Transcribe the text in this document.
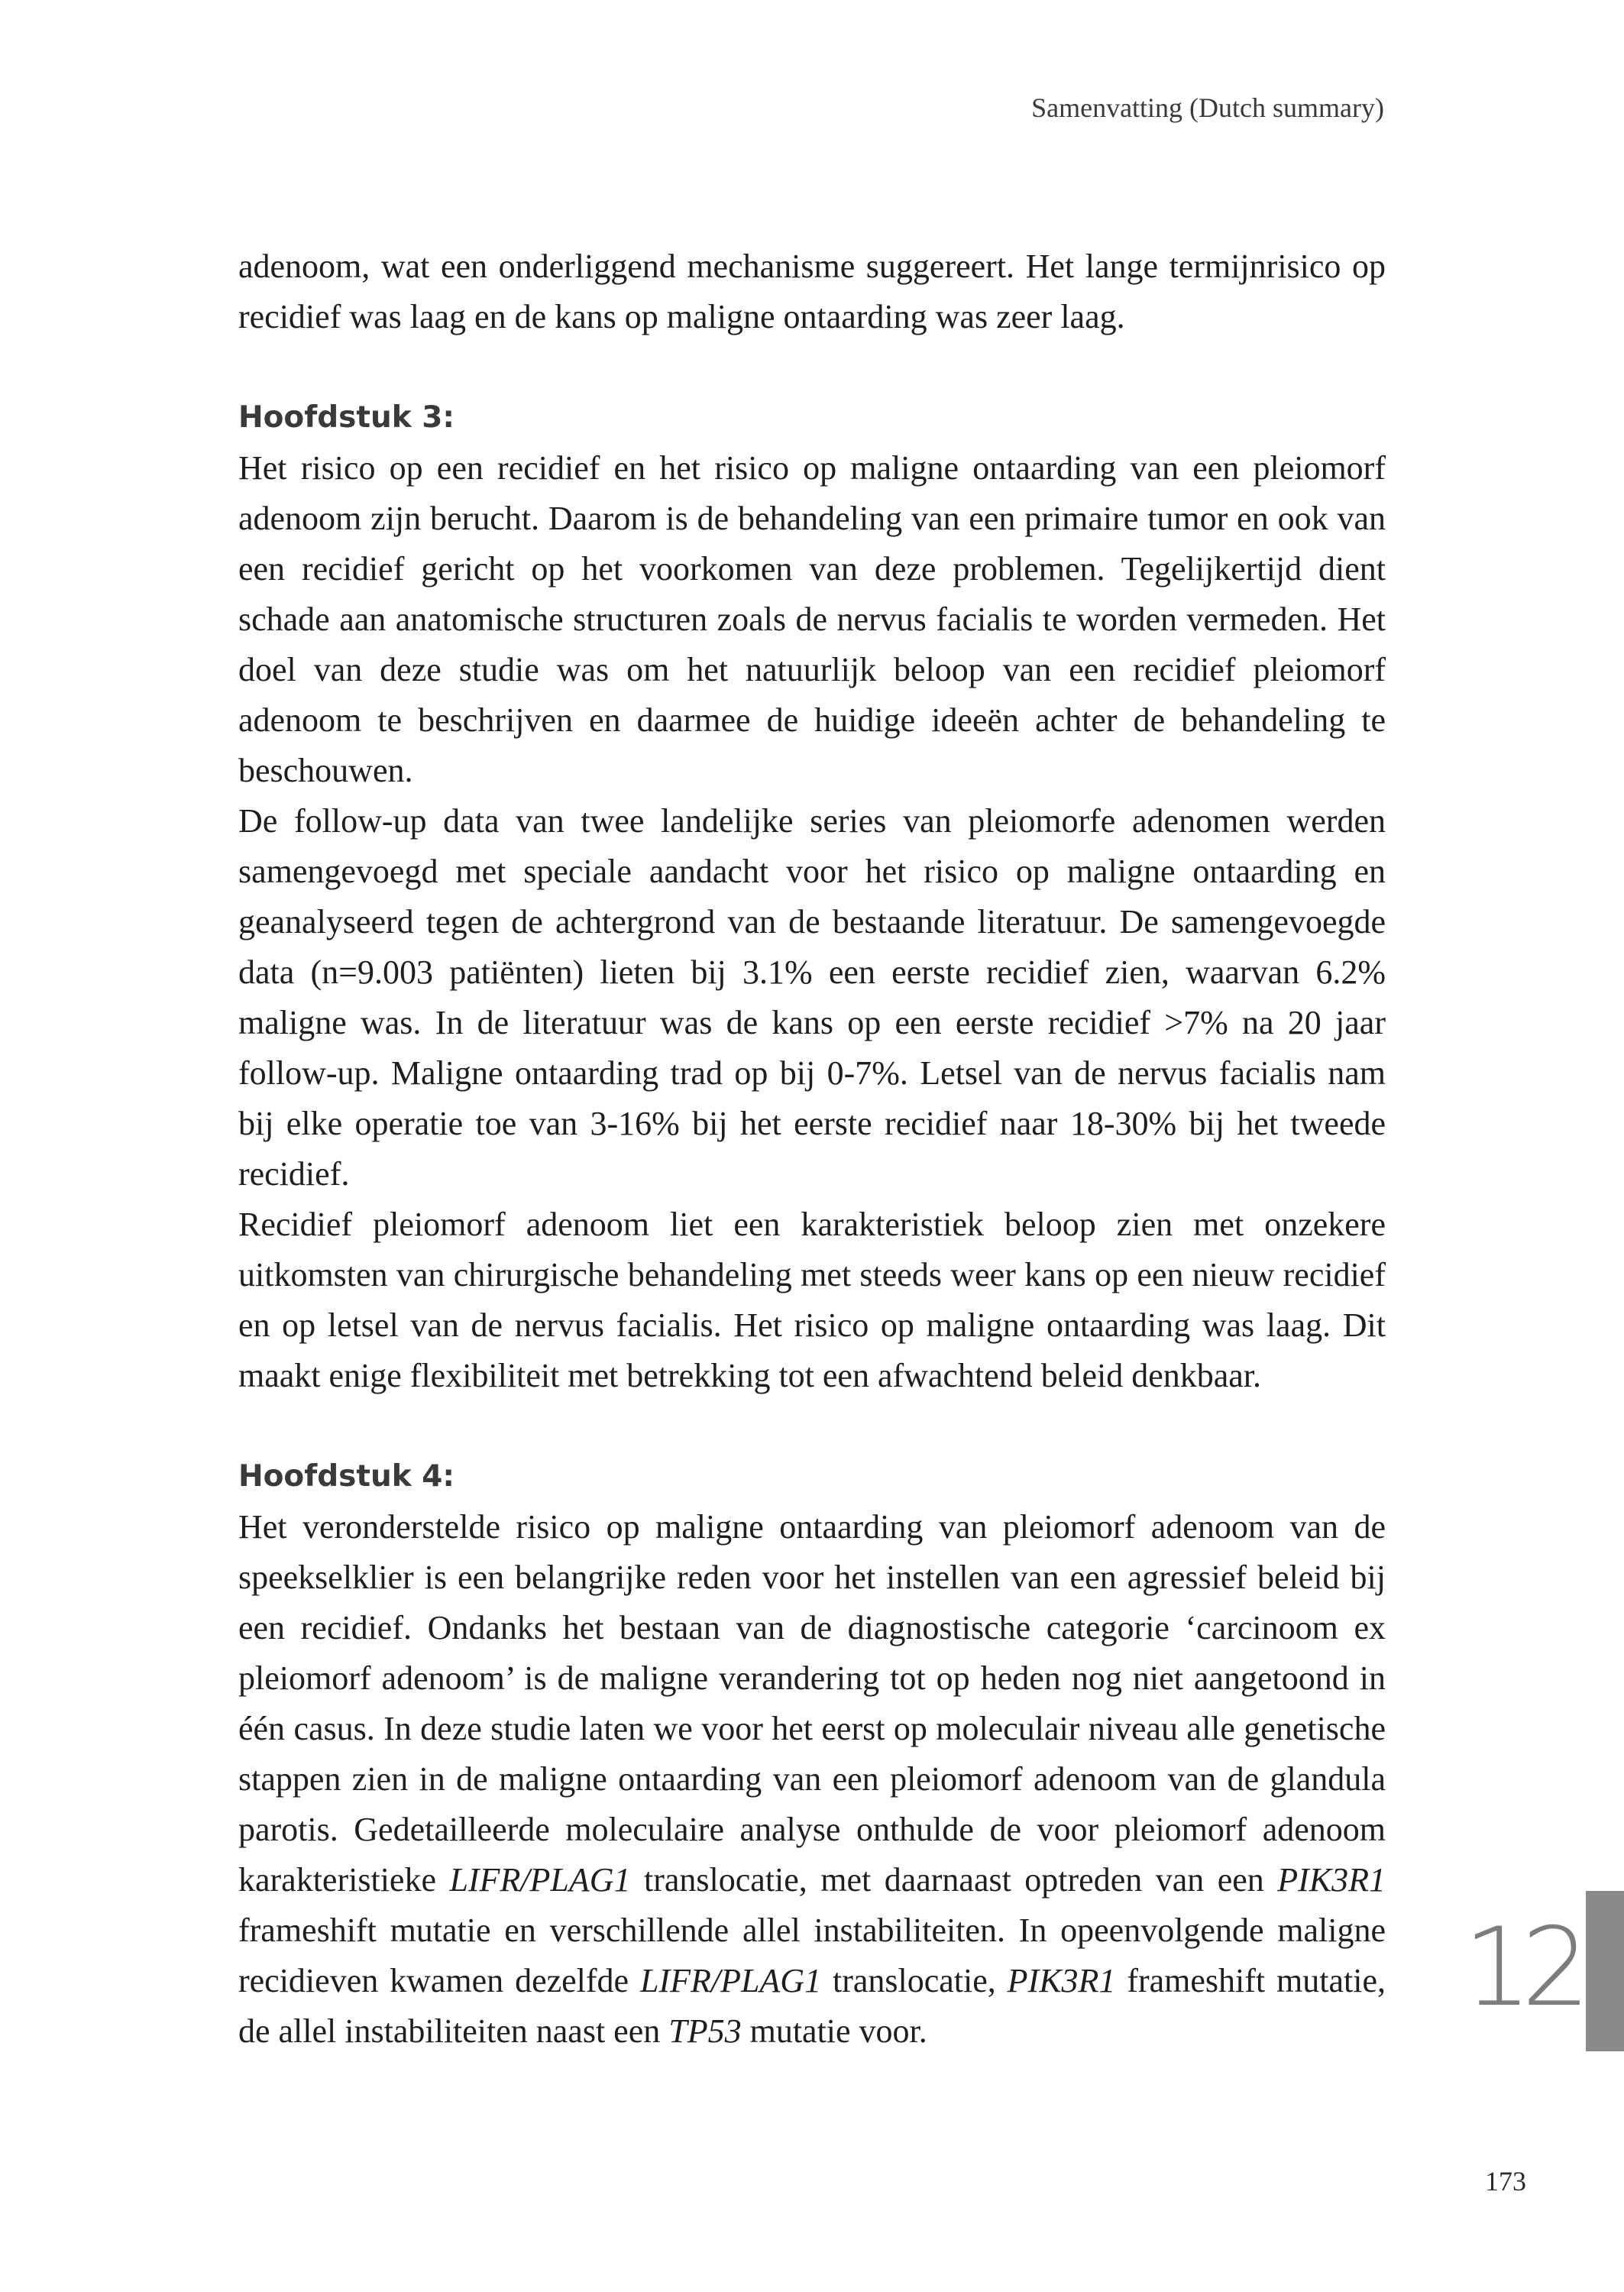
Samenvatting (Dutch summary)

adenoom, wat een onderliggend mechanisme suggereert. Het lange termijnrisico op recidief was laag en de kans op maligne ontaarding was zeer laag.

Hoofdstuk 3:

Het risico op een recidief en het risico op maligne ontaarding van een pleiomorf adenoom zijn berucht. Daarom is de behandeling van een primaire tumor en ook van een recidief gericht op het voorkomen van deze problemen. Tegelijkertijd dient schade aan anatomische structuren zoals de nervus facialis te worden vermeden. Het doel van deze studie was om het natuurlijk beloop van een recidief pleiomorf adenoom te beschrijven en daarmee de huidige ideeën achter de behandeling te beschouwen.

De follow-up data van twee landelijke series van pleiomorfe adenomen werden samengevoegd met speciale aandacht voor het risico op maligne ontaarding en geanalyseerd tegen de achtergrond van de bestaande literatuur. De samengevoegde data (n=9.003 patiënten) lieten bij 3.1% een eerste recidief zien, waarvan 6.2% maligne was. In de literatuur was de kans op een eerste recidief >7% na 20 jaar follow-up. Maligne ontaarding trad op bij 0-7%. Letsel van de nervus facialis nam bij elke operatie toe van 3-16% bij het eerste recidief naar 18-30% bij het tweede recidief.

Recidief pleiomorf adenoom liet een karakteristiek beloop zien met onzekere uitkomsten van chirurgische behandeling met steeds weer kans op een nieuw recidief en op letsel van de nervus facialis. Het risico op maligne ontaarding was laag. Dit maakt enige flexibiliteit met betrekking tot een afwachtend beleid denkbaar.

Hoofdstuk 4:

Het veronderstelde risico op maligne ontaarding van pleiomorf adenoom van de speekselklier is een belangrijke reden voor het instellen van een agressief beleid bij een recidief. Ondanks het bestaan van de diagnostische categorie ‘carcinoom ex pleiomorf adenoom’ is de maligne verandering tot op heden nog niet aangetoond in één casus. In deze studie laten we voor het eerst op moleculair niveau alle genetische stappen zien in de maligne ontaarding van een pleiomorf adenoom van de glandula parotis. Gedetailleerde moleculaire analyse onthulde de voor pleiomorf adenoom karakteristieke LIFR/PLAG1 translocatie, met daarnaast optreden van een PIK3R1 frameshift mutatie en verschillende allel instabiliteiten. In opeenvolgende maligne recidieven kwamen dezelfde LIFR/PLAG1 translocatie, PIK3R1 frameshift mutatie, de allel instabiliteiten naast een TP53 mutatie voor.

12
173
